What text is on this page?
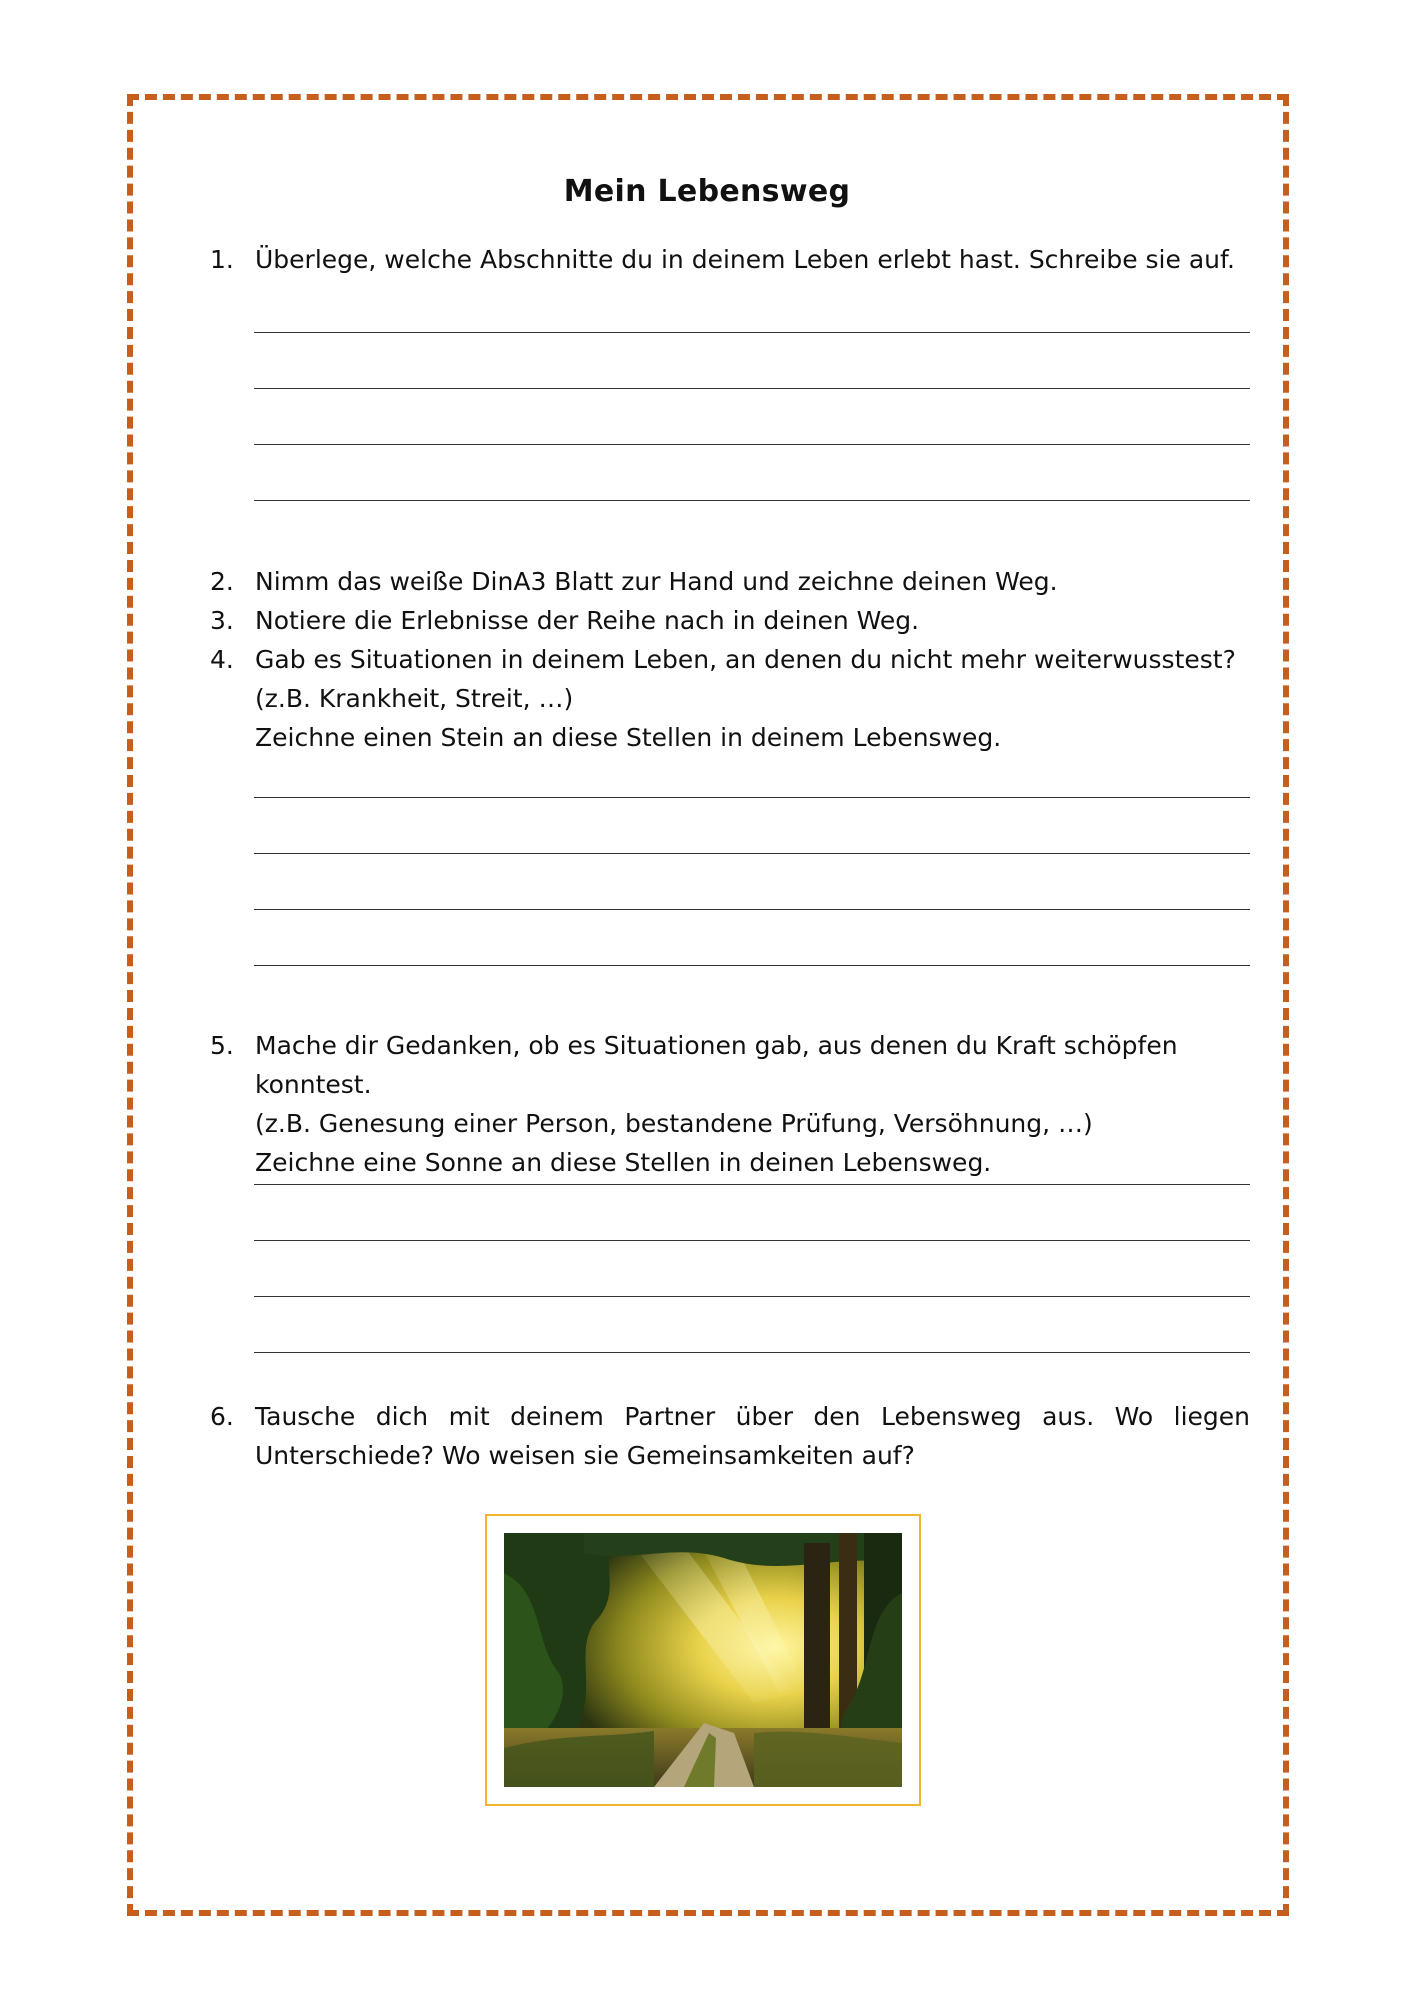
Mein Lebensweg
1. Überlege, welche Abschnitte du in deinem Leben erlebt hast. Schreibe sie auf.
2. Nimm das weiße DinA3 Blatt zur Hand und zeichne deinen Weg.
3. Notiere die Erlebnisse der Reihe nach in deinen Weg.
4. Gab es Situationen in deinem Leben, an denen du nicht mehr weiterwusstest?
(z.B. Krankheit, Streit, …)
Zeichne einen Stein an diese Stellen in deinem Lebensweg.
5. Mache dir Gedanken, ob es Situationen gab, aus denen du Kraft schöpfen konntest.
(z.B. Genesung einer Person, bestandene Prüfung, Versöhnung, …)
Zeichne eine Sonne an diese Stellen in deinen Lebensweg.
6. Tausche dich mit deinem Partner über den Lebensweg aus. Wo liegen Unterschiede? Wo weisen sie Gemeinsamkeiten auf?
